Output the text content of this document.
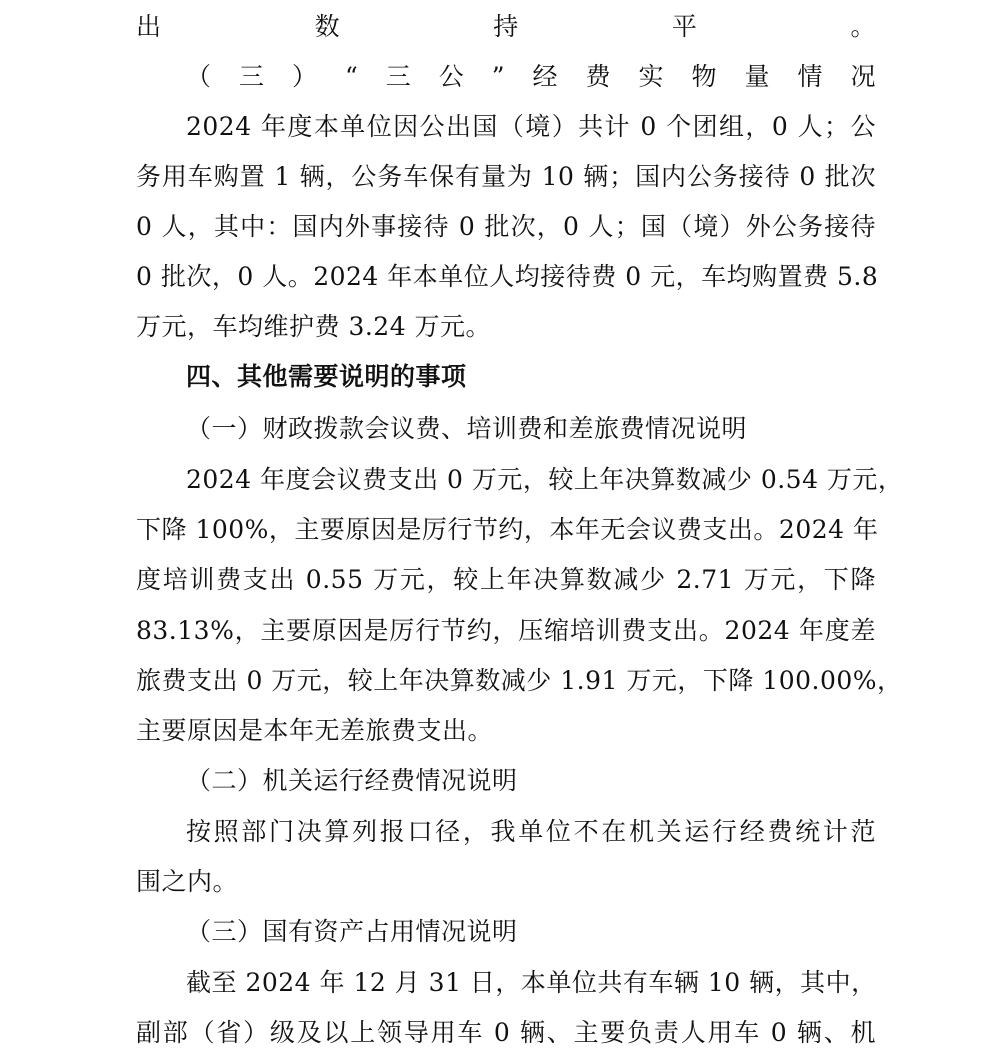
出数持平。
（三）“三公”经费实物量情况
2024 年度本单位因公出国（境）共计 0 个团组，0 人；公
务用车购置 1 辆，公务车保有量为 10 辆；国内公务接待 0 批次
0 人，其中：国内外事接待 0 批次，0 人；国（境）外公务接待
0 批次，0 人。2024 年本单位人均接待费 0 元，车均购置费 5.8
万元，车均维护费 3.24 万元。
四、其他需要说明的事项
（一）财政拨款会议费、培训费和差旅费情况说明
2024 年度会议费支出 0 万元，较上年决算数减少 0.54 万元，
下降 100%，主要原因是厉行节约，本年无会议费支出。2024 年
度培训费支出 0.55 万元，较上年决算数减少 2.71 万元，下降
83.13%，主要原因是厉行节约，压缩培训费支出。2024 年度差
旅费支出 0 万元，较上年决算数减少 1.91 万元，下降 100.00%，
主要原因是本年无差旅费支出。
（二）机关运行经费情况说明
按照部门决算列报口径，我单位不在机关运行经费统计范
围之内。
（三）国有资产占用情况说明
截至 2024 年 12 月 31 日，本单位共有车辆 10 辆，其中，
副部（省）级及以上领导用车 0 辆、主要负责人用车 0 辆、机
